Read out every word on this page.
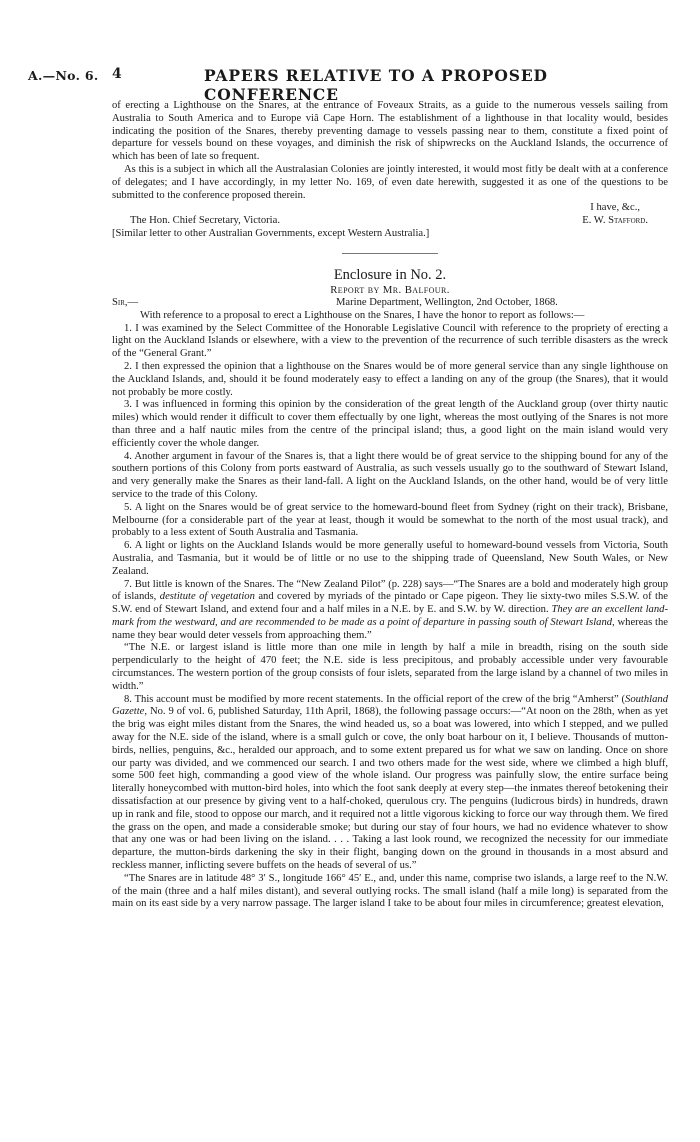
A.—No. 6. 4	PAPERS RELATIVE TO A PROPOSED CONFERENCE

of erecting a Lighthouse on the Snares, at the entrance of Foveaux Straits, as a guide to the numerous vessels sailing from Australia to South America and to Europe viâ Cape Horn. The establishment of a lighthouse in that locality would, besides indicating the position of the Snares, thereby preventing damage to vessels passing near to them, constitute a fixed point of departure for vessels bound on these voyages, and diminish the risk of shipwrecks on the Auckland Islands, the occurrence of which has been of late so frequent.

As this is a subject in which all the Australasian Colonies are jointly interested, it would most fitly be dealt with at a conference of delegates; and I have accordingly, in my letter No. 169, of even date herewith, suggested it as one of the questions to be submitted to the conference proposed therein.

I have, &c.,

The Hon. Chief Secretary, Victoria.	E. W. Stafford.

[Similar letter to other Australian Governments, except Western Australia.]

Enclosure in No. 2.

Report by Mr. Balfour.

Sir,—	Marine Department, Wellington, 2nd October, 1868.

With reference to a proposal to erect a Lighthouse on the Snares, I have the honor to report as follows:—

1. I was examined by the Select Committee of the Honorable Legislative Council with reference to the propriety of erecting a light on the Auckland Islands or elsewhere, with a view to the prevention of the recurrence of such terrible disasters as the wreck of the “General Grant.”

2. I then expressed the opinion that a lighthouse on the Snares would be of more general service than any single lighthouse on the Auckland Islands, and, should it be found moderately easy to effect a landing on any of the group (the Snares), that it would not probably be more costly.

3. I was influenced in forming this opinion by the consideration of the great length of the Auckland group (over thirty nautic miles) which would render it difficult to cover them effectually by one light, whereas the most outlying of the Snares is not more than three and a half nautic miles from the centre of the principal island; thus, a good light on the main island would very efficiently cover the whole danger.

4. Another argument in favour of the Snares is, that a light there would be of great service to the shipping bound for any of the southern portions of this Colony from ports eastward of Australia, as such vessels usually go to the southward of Stewart Island, and very generally make the Snares as their land-fall. A light on the Auckland Islands, on the other hand, would be of very little service to the trade of this Colony.

5. A light on the Snares would be of great service to the homeward-bound fleet from Sydney (right on their track), Brisbane, Melbourne (for a considerable part of the year at least, though it would be somewhat to the north of the most usual track), and probably to a less extent of South Australia and Tasmania.

6. A light or lights on the Auckland Islands would be more generally useful to homeward-bound vessels from Victoria, South Australia, and Tasmania, but it would be of little or no use to the shipping trade of Queensland, New South Wales, or New Zealand.

7. But little is known of the Snares. The “New Zealand Pilot” (p. 228) says—“The Snares are a bold and moderately high group of islands, destitute of vegetation and covered by myriads of the pintado or Cape pigeon. They lie sixty-two miles S.S.W. of the S.W. end of Stewart Island, and extend four and a half miles in a N.E. by E. and S.W. by W. direction. They are an excellent land-mark from the westward, and are recommended to be made as a point of departure in passing south of Stewart Island, whereas the name they bear would deter vessels from approaching them.”

“The N.E. or largest island is little more than one mile in length by half a mile in breadth, rising on the south side perpendicularly to the height of 470 feet; the N.E. side is less precipitous, and probably accessible under very favourable circumstances. The western portion of the group consists of four islets, separated from the large island by a channel of two miles in width.”

8. This account must be modified by more recent statements. In the official report of the crew of the brig “Amherst” (Southland Gazette, No. 9 of vol. 6, published Saturday, 11th April, 1868), the following passage occurs:—“At noon on the 28th, when as yet the brig was eight miles distant from the Snares, the wind headed us, so a boat was lowered, into which I stepped, and we pulled away for the N.E. side of the island, where is a small gulch or cove, the only boat harbour on it, I believe. Thousands of mutton-birds, nellies, penguins, &c., heralded our approach, and to some extent prepared us for what we saw on landing. Once on shore our party was divided, and we commenced our search. I and two others made for the west side, where we climbed a high bluff, some 500 feet high, commanding a good view of the whole island. Our progress was painfully slow, the entire surface being literally honeycombed with mutton-bird holes, into which the foot sank deeply at every step—the inmates thereof betokening their dissatisfaction at our presence by giving vent to a half-choked, querulous cry. The penguins (ludicrous birds) in hundreds, drawn up in rank and file, stood to oppose our march, and it required not a little vigorous kicking to force our way through them. We fired the grass on the open, and made a considerable smoke; but during our stay of four hours, we had no evidence whatever to show that any one was or had been living on the island. . . . Taking a last look round, we recognized the necessity for our immediate departure, the mutton-birds darkening the sky in their flight, banging down on the ground in thousands in a most absurd and reckless manner, inflicting severe buffets on the heads of several of us.”

“The Snares are in latitude 48° 3′ S., longitude 166° 45′ E., and, under this name, comprise two islands, a large reef to the N.W. of the main (three and a half miles distant), and several outlying rocks. The small island (half a mile long) is separated from the main on its east side by a very narrow passage. The larger island I take to be about four miles in circumference; greatest elevation,
